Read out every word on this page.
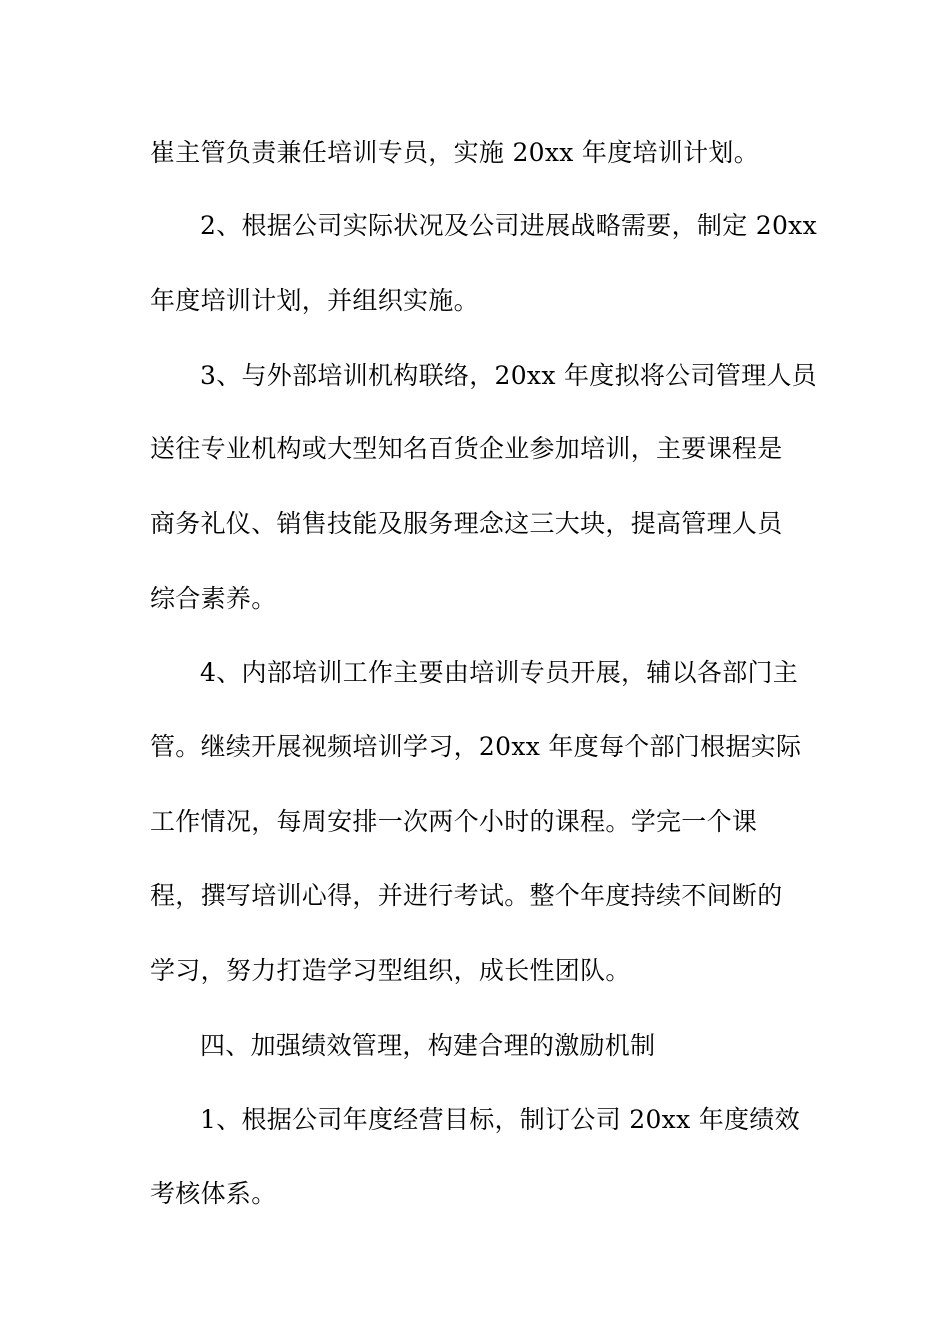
崔主管负责兼任培训专员，实施 20xx 年度培训计划。
2、根据公司实际状况及公司进展战略需要，制定 20xx
年度培训计划，并组织实施。
3、与外部培训机构联络，20xx 年度拟将公司管理人员
送往专业机构或大型知名百货企业参加培训，主要课程是
商务礼仪、销售技能及服务理念这三大块，提高管理人员
综合素养。
4、内部培训工作主要由培训专员开展，辅以各部门主
管。继续开展视频培训学习，20xx 年度每个部门根据实际
工作情况，每周安排一次两个小时的课程。学完一个课
程，撰写培训心得，并进行考试。整个年度持续不间断的
学习，努力打造学习型组织，成长性团队。
四、加强绩效管理，构建合理的激励机制
1、根据公司年度经营目标，制订公司 20xx 年度绩效
考核体系。
